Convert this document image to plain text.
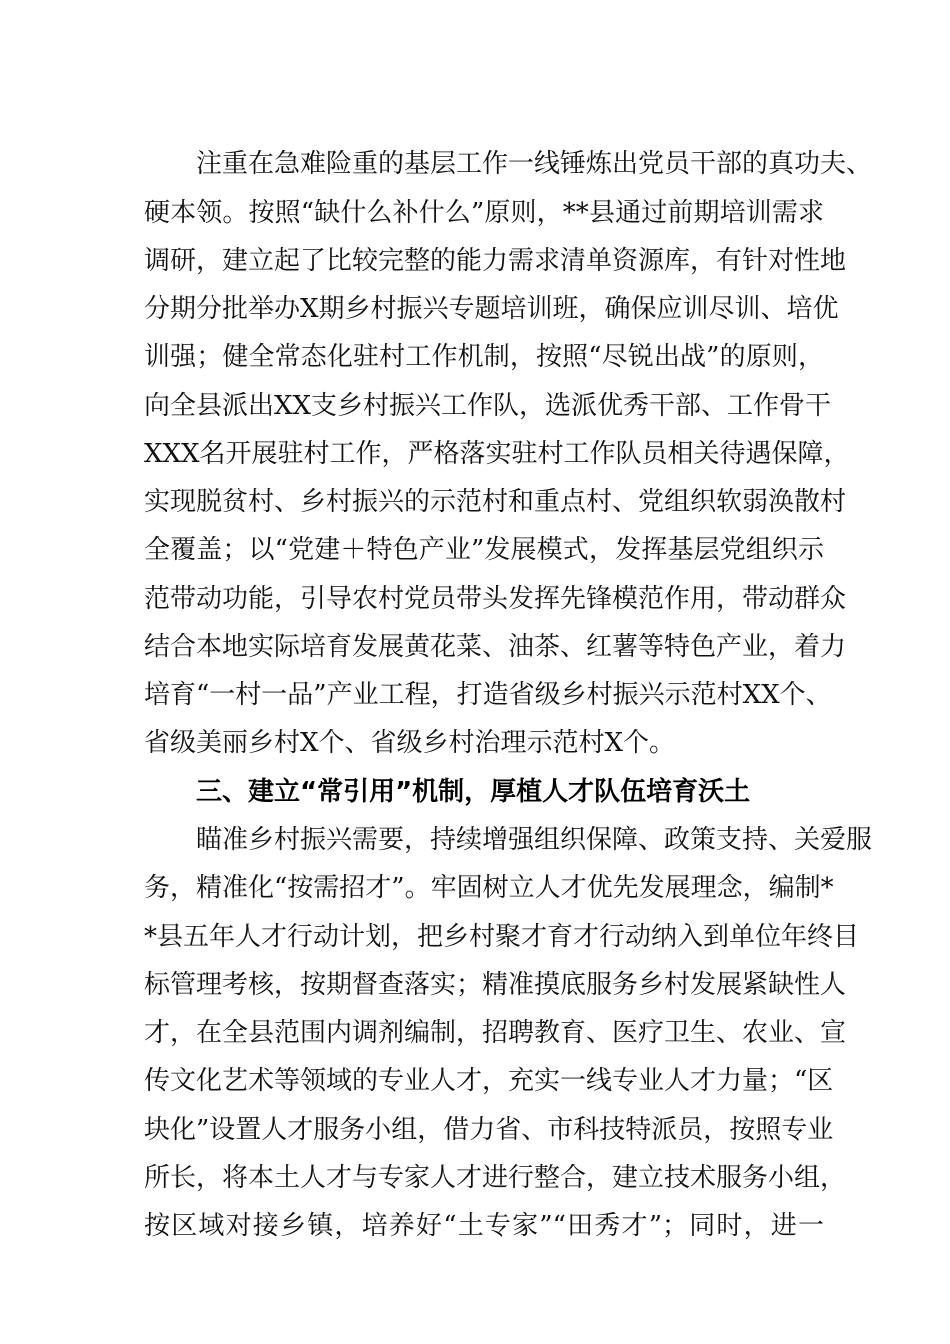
注重在急难险重的基层工作一线锤炼出党员干部的真功夫、
硬本领。按照“缺什么补什么”原则，**县通过前期培训需求
调研，建立起了比较完整的能力需求清单资源库，有针对性地
分期分批举办X期乡村振兴专题培训班，确保应训尽训、培优
训强；健全常态化驻村工作机制，按照“尽锐出战”的原则，
向全县派出XX支乡村振兴工作队，选派优秀干部、工作骨干
XXX名开展驻村工作，严格落实驻村工作队员相关待遇保障，
实现脱贫村、乡村振兴的示范村和重点村、党组织软弱涣散村
全覆盖；以“党建＋特色产业”发展模式，发挥基层党组织示
范带动功能，引导农村党员带头发挥先锋模范作用，带动群众
结合本地实际培育发展黄花菜、油茶、红薯等特色产业，着力
培育“一村一品”产业工程，打造省级乡村振兴示范村XX个、
省级美丽乡村X个、省级乡村治理示范村X个。
三、建立“常引用”机制，厚植人才队伍培育沃土
瞄准乡村振兴需要，持续增强组织保障、政策支持、关爱服
务，精准化“按需招才”。牢固树立人才优先发展理念，编制*
*县五年人才行动计划，把乡村聚才育才行动纳入到单位年终目
标管理考核，按期督查落实；精准摸底服务乡村发展紧缺性人
才，在全县范围内调剂编制，招聘教育、医疗卫生、农业、宣
传文化艺术等领域的专业人才，充实一线专业人才力量；“区
块化”设置人才服务小组，借力省、市科技特派员，按照专业
所长，将本土人才与专家人才进行整合，建立技术服务小组，
按区域对接乡镇，培养好“土专家”“田秀才”；同时，进一
